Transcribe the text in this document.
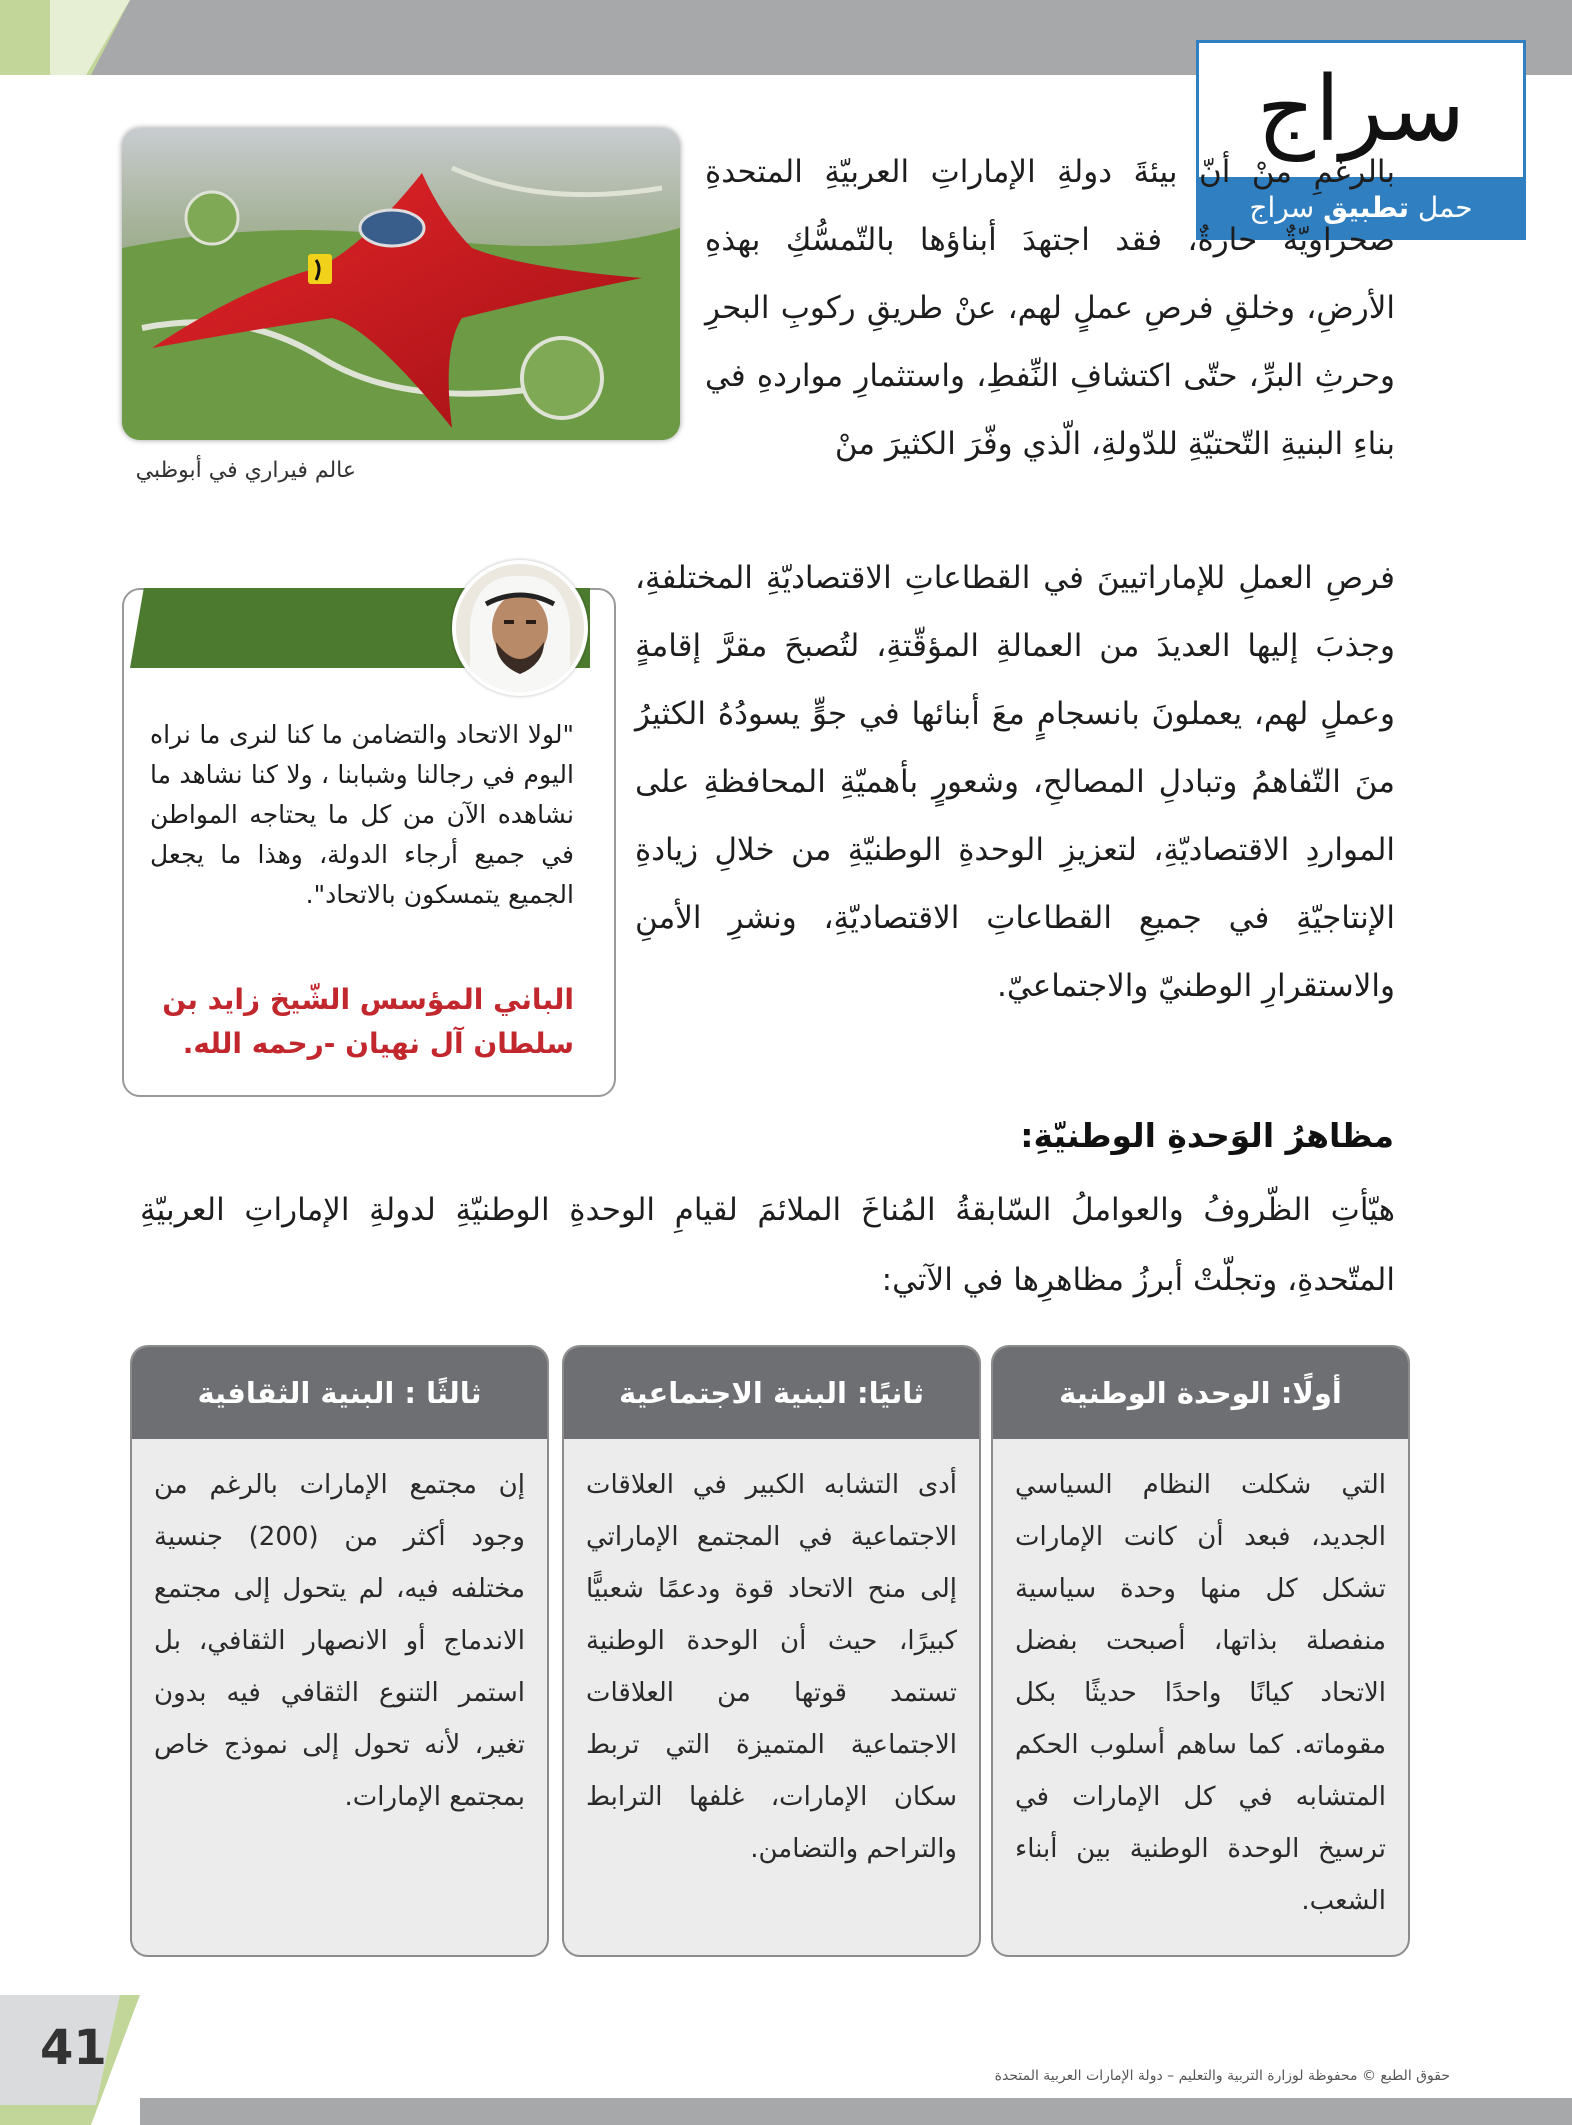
سراج
حمل

تطبيق

سراج
عالم فيراري في أبوظبي
بالرغمِ منْ أنّ بيئةَ دولةِ الإماراتِ العربيّةِ المتحدةِ صحراويّةٌ حارةٌ، فقد اجتهدَ أبناؤها بالتّمسُّكِ بهذهِ الأرضِ، وخلقِ فرصِ عملٍ لهم، عنْ طريقِ ركوبِ البحرِ وحرثِ البرِّ، حتّى اكتشافِ النِّفطِ، واستثمارِ مواردهِ في بناءِ البنيةِ التّحتيّةِ للدّولةِ، الّذي وفّرَ الكثيرَ منْ
فرصِ العملِ للإماراتيينَ في القطاعاتِ الاقتصاديّةِ المختلفةِ، وجذبَ إليها العديدَ من العمالةِ المؤقّتةِ، لتُصبحَ مقرَّ إقامةٍ وعملٍ لهم، يعملونَ بانسجامٍ معَ أبنائها في جوٍّ يسودُهُ الكثيرُ منَ التّفاهمُ وتبادلِ المصالحِ، وشعورٍ بأهميّةِ المحافظةِ على المواردِ الاقتصاديّةِ، لتعزيزِ الوحدةِ الوطنيّةِ من خلالِ زيادةِ الإنتاجيّةِ في جميعِ القطاعاتِ الاقتصاديّةِ، ونشرِ الأمنِ والاستقرارِ الوطنيّ والاجتماعيّ.
"لولا الاتحاد والتضامن ما كنا لنرى ما نراه اليوم في رجالنا وشبابنا ، ولا كنا نشاهد ما نشاهده الآن من كل ما يحتاجه المواطن في جميع أرجاء الدولة، وهذا ما يجعل الجميع يتمسكون بالاتحاد".
الباني المؤسس الشّيخ زايد بن سلطان آل نهيان -رحمه الله.
مظاهرُ الوَحدةِ الوطنيّةِ:
هيّأتِ الظّروفُ والعواملُ السّابقةُ المُناخَ الملائمَ لقيامِ الوحدةِ الوطنيّةِ لدولةِ الإماراتِ العربيّةِ المتّحدةِ، وتجلّتْ أبرزُ مظاهرِها في الآتي:
أولًا: الوحدة الوطنية
التي شكلت النظام السياسي الجديد، فبعد أن كانت الإمارات تشكل كل منها وحدة سياسية منفصلة بذاتها، أصبحت بفضل الاتحاد كيانًا واحدًا حديثًا بكل مقوماته. كما ساهم أسلوب الحكم المتشابه في كل الإمارات في ترسيخ الوحدة الوطنية بين أبناء الشعب.
ثانيًا: البنية الاجتماعية
أدى التشابه الكبير في العلاقات الاجتماعية في المجتمع الإماراتي إلى منح الاتحاد قوة ودعمًا شعبيًّا كبيرًا، حيث أن الوحدة الوطنية تستمد قوتها من العلاقات الاجتماعية المتميزة التي تربط سكان الإمارات، غلفها الترابط والتراحم والتضامن.
ثالثًا : البنية الثقافية
إن مجتمع الإمارات بالرغم من وجود أكثر من (200) جنسية مختلفه فيه، لم يتحول إلى مجتمع الاندماج أو الانصهار الثقافي، بل استمر التنوع الثقافي فيه بدون تغير، لأنه تحول إلى نموذج خاص بمجتمع الإمارات.
41	حقوق الطبع © محفوظة لوزارة التربية والتعليم – دولة الإمارات العربية المتحدة
